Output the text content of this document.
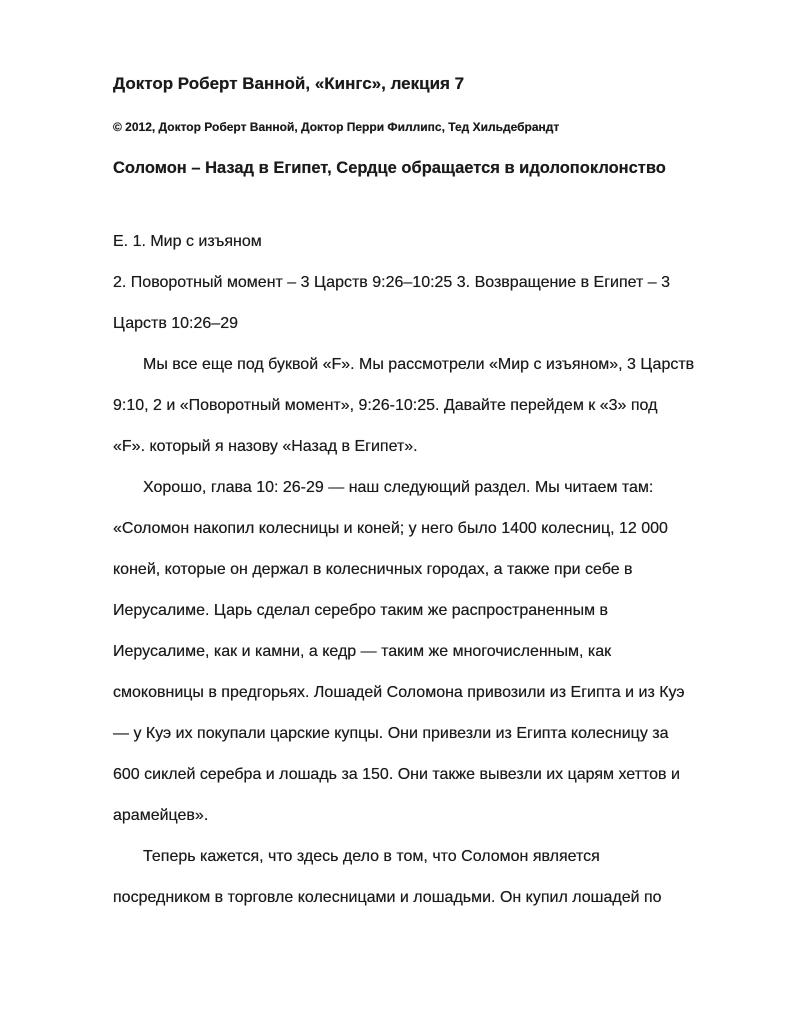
Доктор Роберт Ванной, «Кингс», лекция 7
© 2012, Доктор Роберт Ванной, Доктор Перри Филлипс, Тед Хильдебрандт
Соломон – Назад в Египет, Сердце обращается в идолопоклонство
Е. 1. Мир с изъяном
2. Поворотный момент – 3 Царств 9:26–10:25 3. Возвращение в Египет – 3
Царств 10:26–29
Мы все еще под буквой «F». Мы рассмотрели «Мир с изъяном», 3 Царств
9:10, 2 и «Поворотный момент», 9:26-10:25. Давайте перейдем к «3» под
«F». который я назову «Назад в Египет».
Хорошо, глава 10: 26-29 — наш следующий раздел. Мы читаем там:
«Соломон накопил колесницы и коней; у него было 1400 колесниц, 12 000
коней, которые он держал в колесничных городах, а также при себе в
Иерусалиме. Царь сделал серебро таким же распространенным в
Иерусалиме, как и камни, а кедр — таким же многочисленным, как
смоковницы в предгорьях. Лошадей Соломона привозили из Египта и из Куэ
— у Куэ их покупали царские купцы. Они привезли из Египта колесницу за
600 сиклей серебра и лошадь за 150. Они также вывезли их царям хеттов и
арамейцев».
Теперь кажется, что здесь дело в том, что Соломон является
посредником в торговле колесницами и лошадьми. Он купил лошадей по
